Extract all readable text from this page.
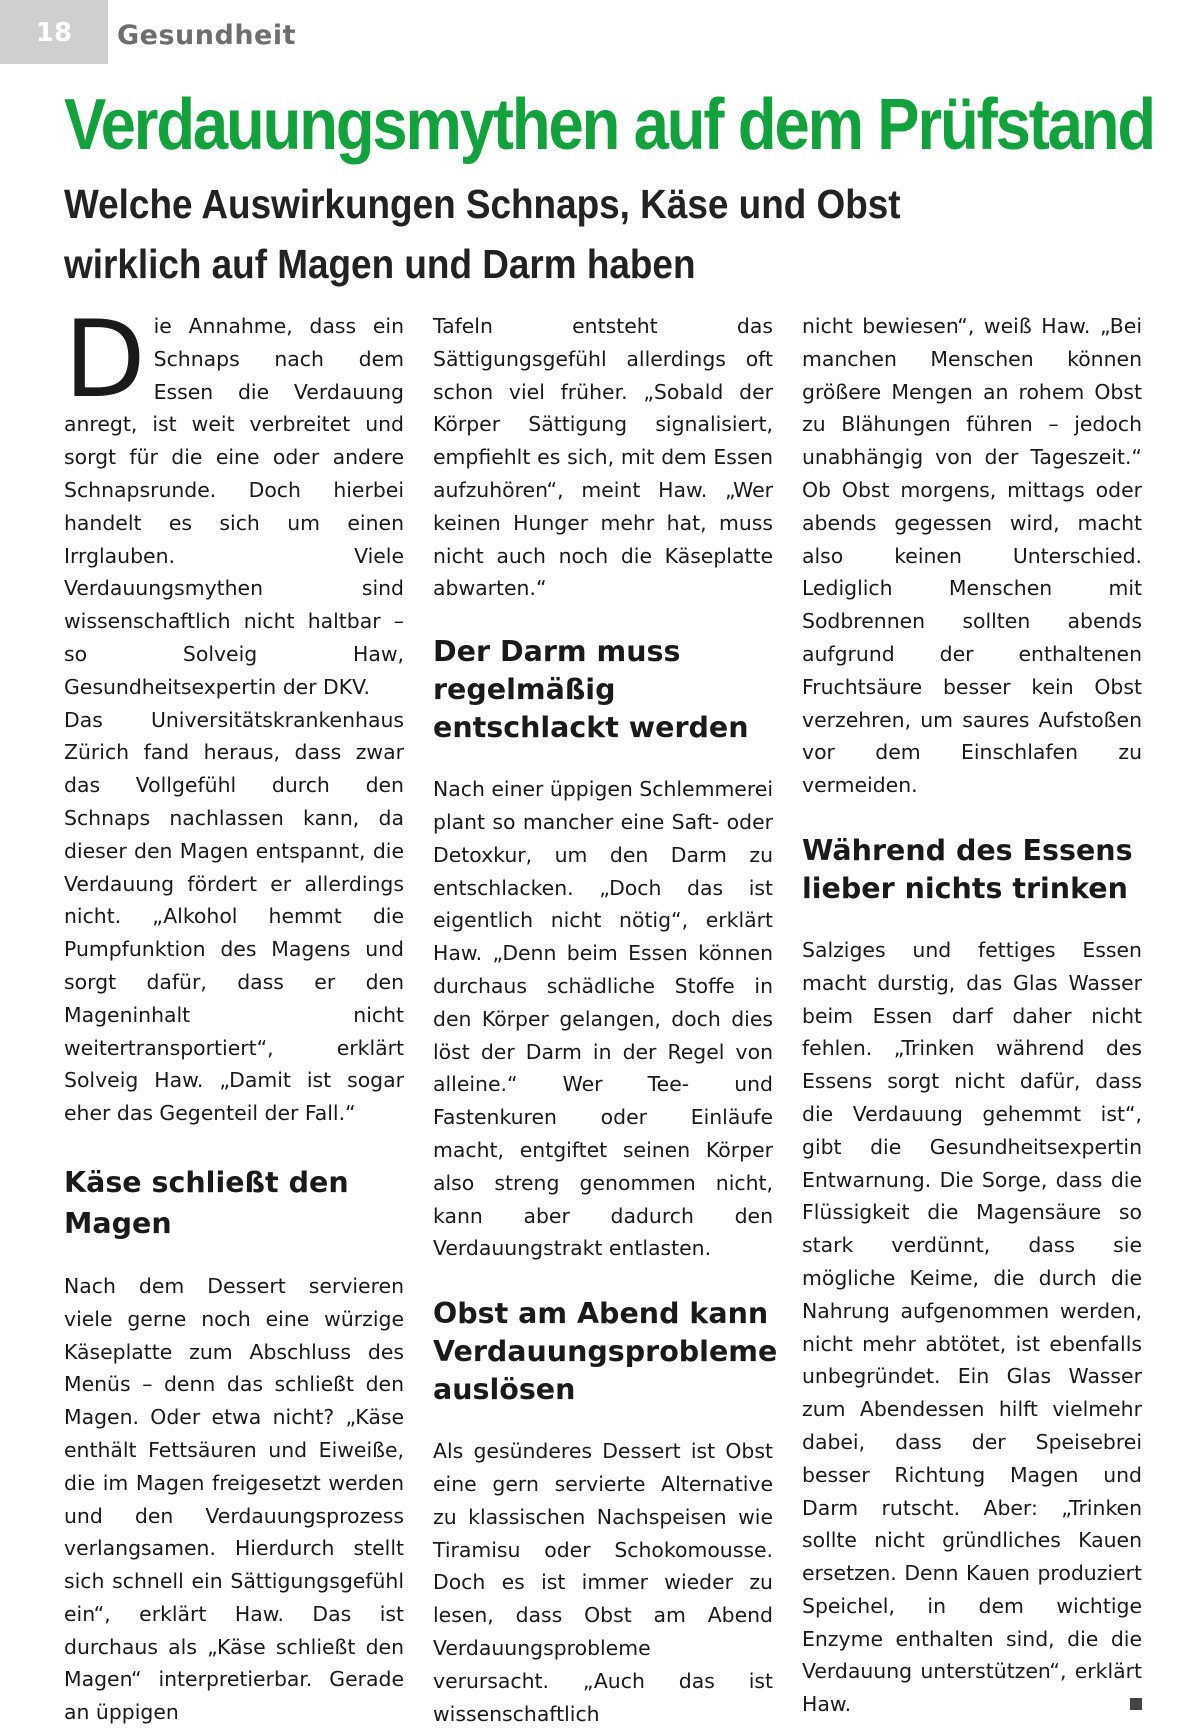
18 Gesundheit
Verdauungsmythen auf dem Prüfstand
Welche Auswirkungen Schnaps, Käse und Obst wirklich auf Magen und Darm haben

Die Annahme, dass ein Schnaps nach dem Essen die Verdauung anregt, ist weit verbreitet und sorgt für die eine oder andere Schnapsrunde. Doch hierbei handelt es sich um einen Irrglauben. Viele Verdauungsmythen sind wissenschaftlich nicht haltbar – so Solveig Haw, Gesundheitsexpertin der DKV.

Das Universitätskrankenhaus Zürich fand heraus, dass zwar das Vollgefühl durch den Schnaps nachlassen kann, da dieser den Magen entspannt, die Verdauung fördert er allerdings nicht. „Alkohol hemmt die Pumpfunktion des Magens und sorgt dafür, dass er den Mageninhalt nicht weitertransportiert“, erklärt Solveig Haw. „Damit ist sogar eher das Gegenteil der Fall.“

Käse schließt den Magen

Nach dem Dessert servieren viele gerne noch eine würzige Käseplatte zum Abschluss des Menüs – denn das schließt den Magen. Oder etwa nicht? „Käse enthält Fettsäuren und Eiweiße, die im Magen freigesetzt werden und den Verdauungsprozess verlangsamen. Hierdurch stellt sich schnell ein Sättigungsgefühl ein“, erklärt Haw. Das ist durchaus als „Käse schließt den Magen“ interpretierbar. Gerade an üppigen

Tafeln entsteht das Sättigungsgefühl allerdings oft schon viel früher. „Sobald der Körper Sättigung signalisiert, empfiehlt es sich, mit dem Essen aufzuhören“, meint Haw. „Wer keinen Hunger mehr hat, muss nicht auch noch die Käseplatte abwarten.“

Der Darm muss regelmäßig entschlackt werden

Nach einer üppigen Schlemmerei plant so mancher eine Saft- oder Detoxkur, um den Darm zu entschlacken. „Doch das ist eigentlich nicht nötig“, erklärt Haw. „Denn beim Essen können durchaus schädliche Stoffe in den Körper gelangen, doch dies löst der Darm in der Regel von alleine.“ Wer Tee- und Fastenkuren oder Einläufe macht, entgiftet seinen Körper also streng genommen nicht, kann aber dadurch den Verdauungstrakt entlasten.

Obst am Abend kann Verdauungsprobleme auslösen

Als gesünderes Dessert ist Obst eine gern servierte Alternative zu klassischen Nachspeisen wie Tiramisu oder Schokomousse. Doch es ist immer wieder zu lesen, dass Obst am Abend Verdauungsprobleme verursacht. „Auch das ist wissenschaftlich

nicht bewiesen“, weiß Haw. „Bei manchen Menschen können größere Mengen an rohem Obst zu Blähungen führen – jedoch unabhängig von der Tageszeit.“ Ob Obst morgens, mittags oder abends gegessen wird, macht also keinen Unterschied. Lediglich Menschen mit Sodbrennen sollten abends aufgrund der enthaltenen Fruchtsäure besser kein Obst verzehren, um saures Aufstoßen vor dem Einschlafen zu vermeiden.

Während des Essens lieber nichts trinken

Salziges und fettiges Essen macht durstig, das Glas Wasser beim Essen darf daher nicht fehlen. „Trinken während des Essens sorgt nicht dafür, dass die Verdauung gehemmt ist“, gibt die Gesundheitsexpertin Entwarnung. Die Sorge, dass die Flüssigkeit die Magensäure so stark verdünnt, dass sie mögliche Keime, die durch die Nahrung aufgenommen werden, nicht mehr abtötet, ist ebenfalls unbegründet. Ein Glas Wasser zum Abendessen hilft vielmehr dabei, dass der Speisebrei besser Richtung Magen und Darm rutscht. Aber: „Trinken sollte nicht gründliches Kauen ersetzen. Denn Kauen produziert Speichel, in dem wichtige Enzyme enthalten sind, die die Verdauung unterstützen“, erklärt Haw.
